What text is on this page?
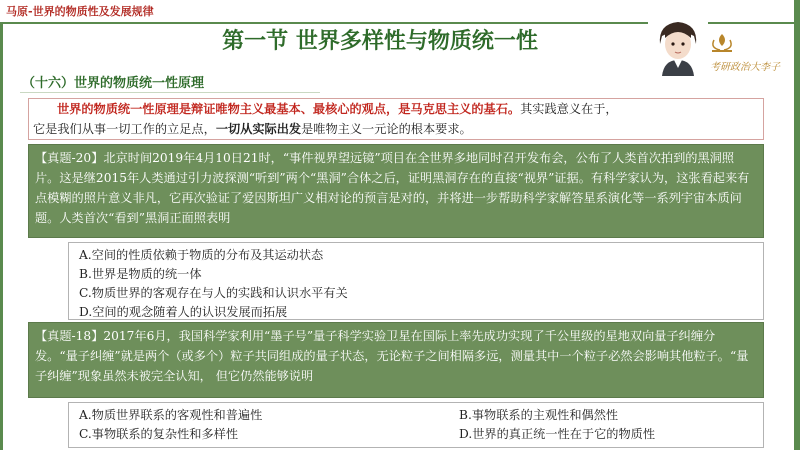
马原-世界的物质性及发展规律
第一节 世界多样性与物质统一性
考研政治大李子
（十六）世界的物质统一性原理
世界的物质统一性原理是辩证唯物主义最基本、最核心的观点，是马克思主义的基石。其实践意义在于，
它是我们从事一切工作的立足点，一切从实际出发是唯物主义一元论的根本要求。
【真题-20】北京时间2019年4月10日21时，“事件视界望远镜”项目在全世界多地同时召开发布会，公布了人类首次拍到的黑洞照片。这是继2015年人类通过引力波探测“听到”两个“黑洞”合体之后，证明黑洞存在的直接“视界”证据。有科学家认为，这张看起来有点模糊的照片意义非凡，它再次验证了爱因斯坦广义相对论的预言是对的，并将进一步帮助科学家解答星系演化等一系列宇宙本质问题。人类首次“看到”黑洞正面照表明
A.空间的性质依赖于物质的分布及其运动状态
B.世界是物质的统一体
C.物质世界的客观存在与人的实践和认识水平有关
D.空间的观念随着人的认识发展而拓展
【真题-18】2017年6月，我国科学家利用“墨子号”量子科学实验卫星在国际上率先成功实现了千公里级的星地双向量子纠缠分发。“量子纠缠”就是两个（或多个）粒子共同组成的量子状态，无论粒子之间相隔多远，测量其中一个粒子必然会影响其他粒子。“量子纠缠”现象虽然未被完全认知， 但它仍然能够说明
A.物质世界联系的客观性和普遍性	B.事物联系的主观性和偶然性
C.事物联系的复杂性和多样性	D.世界的真正统一性在于它的物质性
